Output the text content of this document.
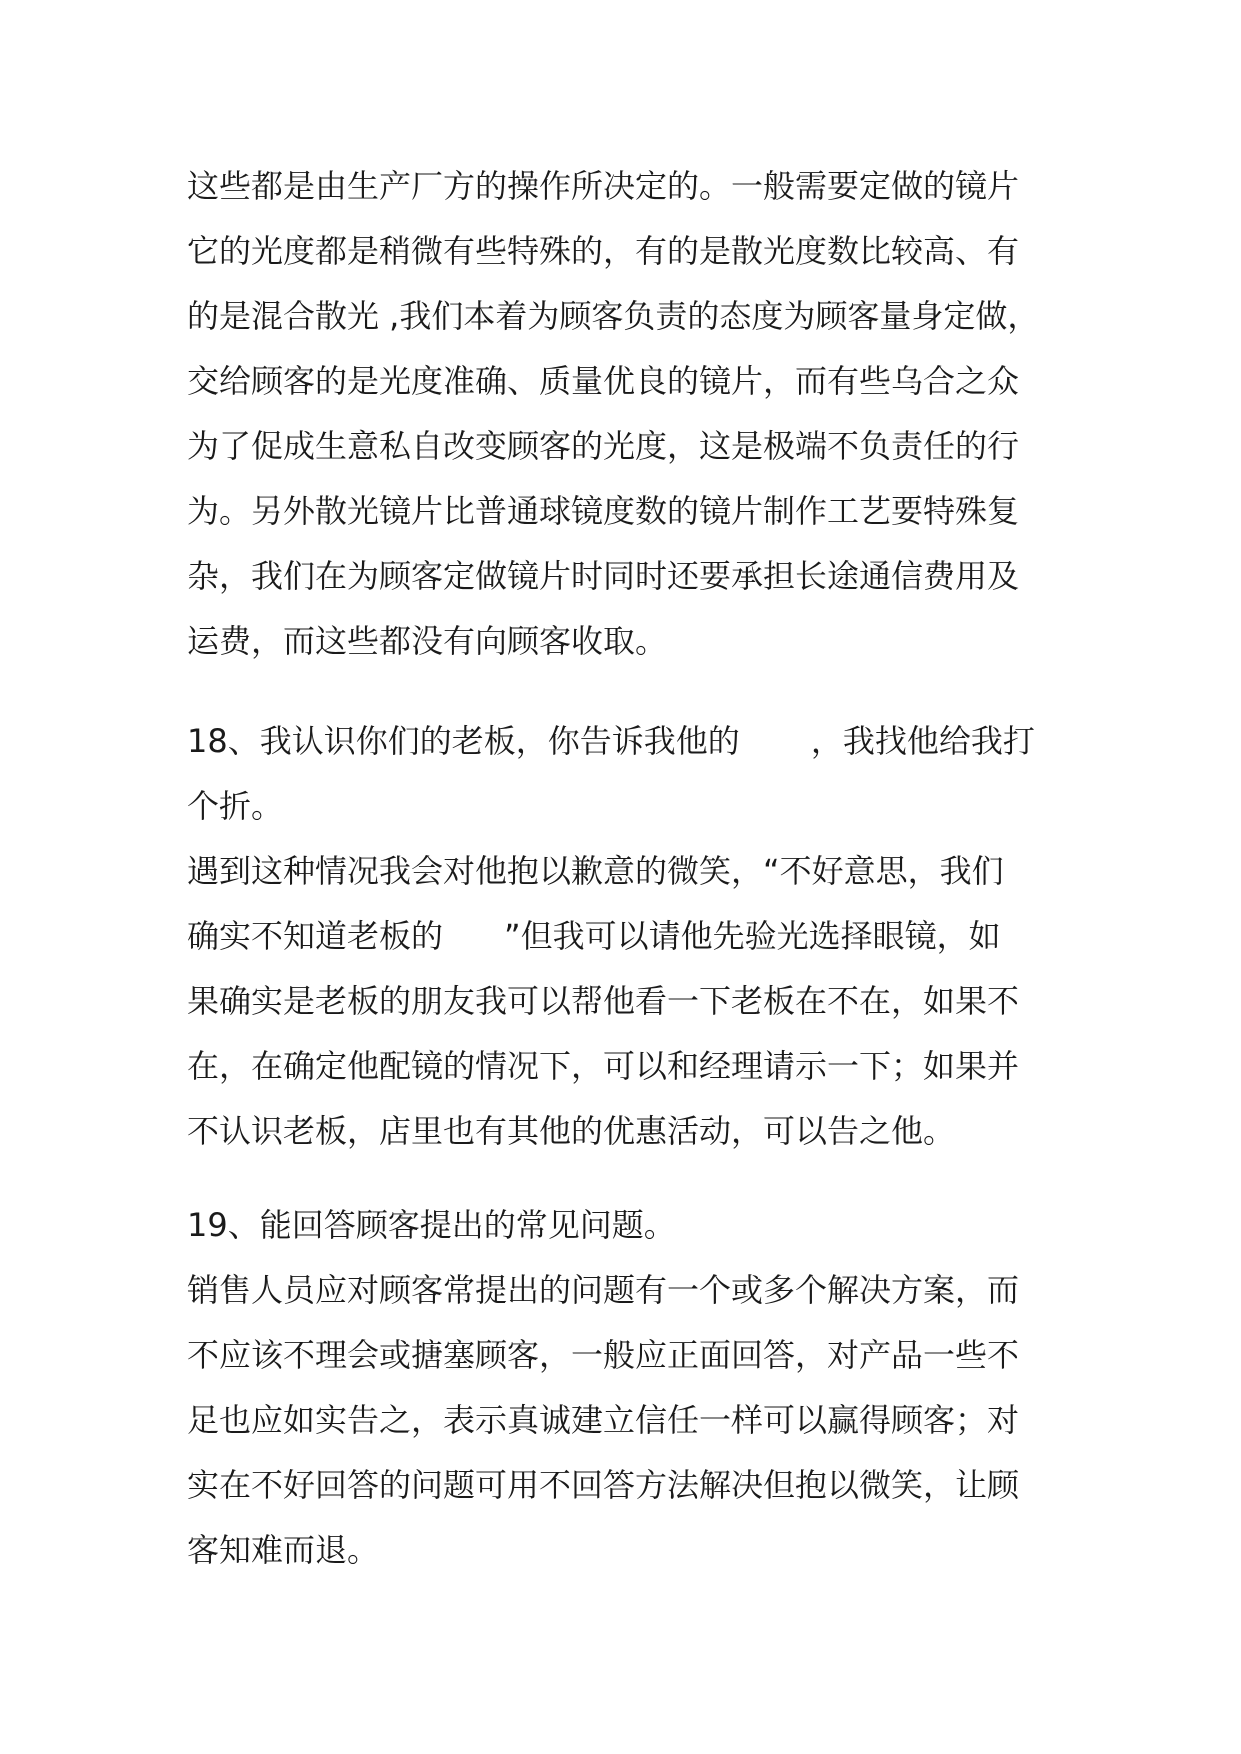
这些都是由生产厂方的操作所决定的。一般需要定做的镜片
它的光度都是稍微有些特殊的，有的是散光度数比较高、有
的是混合散光 ,我们本着为顾客负责的态度为顾客量身定做，
交给顾客的是光度准确、质量优良的镜片，而有些乌合之众
为了促成生意私自改变顾客的光度，这是极端不负责任的行
为。另外散光镜片比普通球镜度数的镜片制作工艺要特殊复
杂，我们在为顾客定做镜片时同时还要承担长途通信费用及
运费，而这些都没有向顾客收取。
18、我认识你们的老板，你告诉我他的       ，我找他给我打
个折。
遇到这种情况我会对他抱以歉意的微笑，“不好意思，我们
确实不知道老板的      ”但我可以请他先验光选择眼镜，如
果确实是老板的朋友我可以帮他看一下老板在不在，如果不
在，在确定他配镜的情况下，可以和经理请示一下；如果并
不认识老板，店里也有其他的优惠活动，可以告之他。
19、能回答顾客提出的常见问题。
销售人员应对顾客常提出的问题有一个或多个解决方案，而
不应该不理会或搪塞顾客，一般应正面回答，对产品一些不
足也应如实告之，表示真诚建立信任一样可以赢得顾客；对
实在不好回答的问题可用不回答方法解决但抱以微笑，让顾
客知难而退。
